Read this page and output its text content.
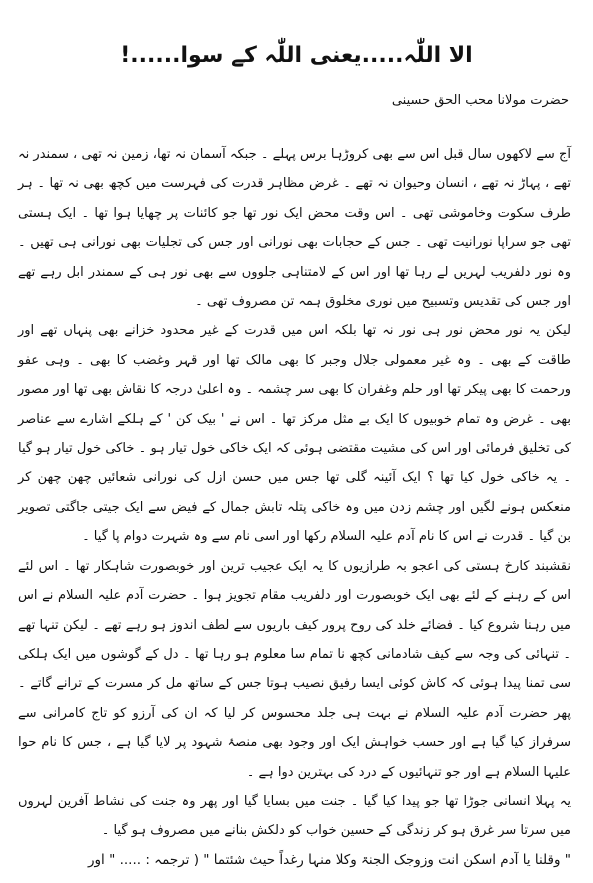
الا اللّٰہ.....یعنی اللّٰہ کے سوا......!

حضرت مولانا محب الحق حسینی

آج سے لاکھوں سال قبل اس سے بھی کروڑہا برس پہلے ۔ جبکہ آسمان نہ تھا، زمین نہ تھی ، سمندر نہ تھے ، پہاڑ نہ تھے ، انسان وحیوان نہ تھے ۔ غرض مظاہر قدرت کی فہرست میں کچھ بھی نہ تھا ۔ ہر طرف سکوت وخاموشی تھی ۔ اس وقت محض ایک نور تھا جو کائنات پر چھایا ہوا تھا ۔ ایک ہستی تھی جو سراپا نورانیت تھی ۔ جس کے حجابات بھی نورانی اور جس کی تجلیات بھی نورانی ہی تھیں ۔ وہ نور دلفریب لہریں لے رہا تھا اور اس کے لامتناہی جلووں سے بھی نور ہی کے سمندر ابل رہے تھے اور جس کی تقدیس وتسبیح میں نوری مخلوق ہمہ تن مصروف تھی ۔

لیکن یہ نور محض نور ہی نور نہ تھا بلکہ اس میں قدرت کے غیر محدود خزانے بھی پنہاں تھے اور طاقت کے بھی ۔ وہ غیر معمولی جلال وجبر کا بھی مالک تھا اور قہر وغضب کا بھی ۔ وہی عفو ورحمت کا بھی پیکر تھا اور حلم وغفران کا بھی سر چشمہ ۔ وہ اعلیٰ درجہ کا نقاش بھی تھا اور مصور بھی ۔ غرض وہ تمام خوبیوں کا ایک بے مثل مرکز تھا ۔ اس نے ' بیک کن ' کے ہلکے اشارے سے عناصر کی تخلیق فرمائی اور اس کی مشیت مقتضی ہوئی کہ ایک خاکی خول تیار ہو ۔ خاکی خول تیار ہو گیا ۔ یہ خاکی خول کیا تھا ؟ ایک آئینہ گلی تھا جس میں حسن ازل کی نورانی شعائیں چھن چھن کر منعکس ہونے لگیں اور چشم زدن میں وہ خاکی پتلہ تابش جمال کے فیض سے ایک جیتی جاگتی تصویر بن گیا ۔ قدرت نے اس کا نام آدم علیہ السلام رکھا اور اسی نام سے وہ شہرت دوام پا گیا ۔

نقشبند کارخ ہستی کی اعجو بہ طرازیوں کا یہ ایک عجیب ترین اور خوبصورت شاہکار تھا ۔ اس لئے اس کے رہنے کے لئے بھی ایک خوبصورت اور دلفریب مقام تجویز ہوا ۔ حضرت آدم علیہ السلام نے اس میں رہنا شروع کیا ۔ فضائے خلد کی روح پرور کیف باریوں سے لطف اندوز ہو رہے تھے ۔ لیکن تنہا تھے ۔ تنہائی کی وجہ سے کیف شادمانی کچھ نا تمام سا معلوم ہو رہا تھا ۔ دل کے گوشوں میں ایک ہلکی سی تمنا پیدا ہوئی کہ کاش کوئی ایسا رفیق نصیب ہوتا جس کے ساتھ مل کر مسرت کے ترانے گاتے ۔ پھر حضرت آدم علیہ السلام نے بہت ہی جلد محسوس کر لیا کہ ان کی آرزو کو تاج کامرانی سے سرفراز کیا گیا ہے اور حسب خواہش ایک اور وجود بھی منصۂ شہود پر لایا گیا ہے ، جس کا نام حوا علیہا السلام ہے اور جو تنہائیوں کے درد کی بہترین دوا ہے ۔

یہ پہلا انسانی جوڑا تھا جو پیدا کیا گیا ۔ جنت میں بسایا گیا اور پھر وہ جنت کی نشاط آفرین لہروں میں سرتا سر غرق ہو کر زندگی کے حسین خواب کو دلکش بنانے میں مصروف ہو گیا ۔

" وقلنا یا آدم اسکن انت وزوجک الجنۃ وکلا منہا رغداً حیث شئتما " ( ترجمہ : ..... " اور
